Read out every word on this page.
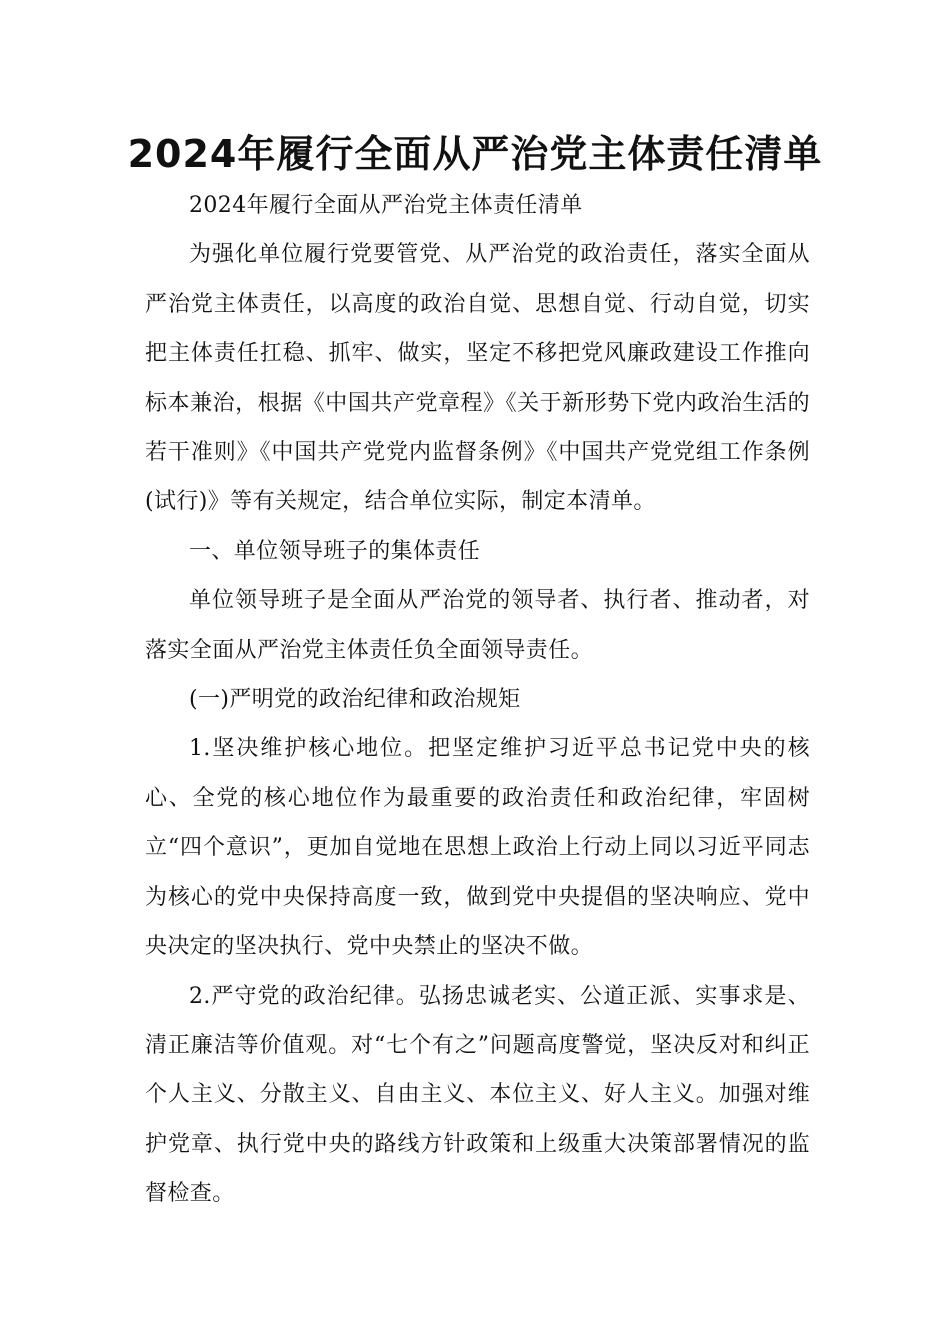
2024年履行全面从严治党主体责任清单

2024年履行全面从严治党主体责任清单

为强化单位履行党要管党、从严治党的政治责任，落实全面从严治党主体责任，以高度的政治自觉、思想自觉、行动自觉，切实把主体责任扛稳、抓牢、做实，坚定不移把党风廉政建设工作推向标本兼治，根据《中国共产党章程》《关于新形势下党内政治生活的若干准则》《中国共产党党内监督条例》《中国共产党党组工作条例(试行)》等有关规定，结合单位实际，制定本清单。

一、单位领导班子的集体责任

单位领导班子是全面从严治党的领导者、执行者、推动者，对落实全面从严治党主体责任负全面领导责任。

(一)严明党的政治纪律和政治规矩

1.坚决维护核心地位。把坚定维护习近平总书记党中央的核心、全党的核心地位作为最重要的政治责任和政治纪律，牢固树立“四个意识”，更加自觉地在思想上政治上行动上同以习近平同志为核心的党中央保持高度一致，做到党中央提倡的坚决响应、党中央决定的坚决执行、党中央禁止的坚决不做。

2.严守党的政治纪律。弘扬忠诚老实、公道正派、实事求是、清正廉洁等价值观。对“七个有之”问题高度警觉，坚决反对和纠正个人主义、分散主义、自由主义、本位主义、好人主义。加强对维护党章、执行党中央的路线方针政策和上级重大决策部署情况的监督检查。
